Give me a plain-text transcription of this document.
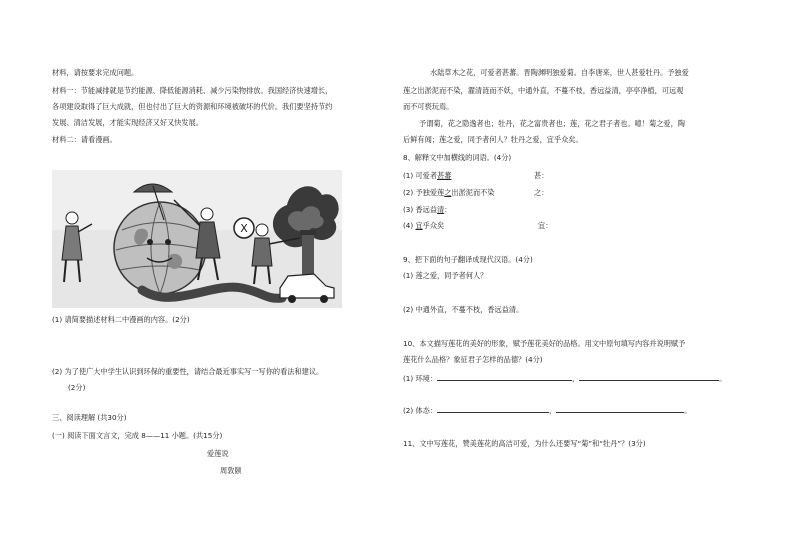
材料，请按要求完成问题。
材料一：节能减排就是节约能源、降低能源消耗、减少污染物排放。我国经济快速增长，
各项建设取得了巨大成就，但也付出了巨大的资源和环境被破坏的代价。我们要坚持节约
发展、清洁发展，才能实现经济又好又快发展。
材料二：请看漫画。
X
(1) 请简要描述材料二中漫画的内容。(2分)
(2) 为了使广大中学生认识到环保的重要性，请结合最近事实写一写你的看法和建议。
(2分)
三、阅读理解 (共30分)
(一) 阅读下面文言文，完成 8——11 小题。(共15分)
爱莲说
周敦颐
水陆草木之花，可爱者甚蕃。晋陶渊明独爱菊。自李唐来，世人甚爱牡丹。予独爱
莲之出淤泥而不染，濯清涟而不妖，中通外直，不蔓不枝，香远益清，亭亭净植，可远观
而不可亵玩焉。
予谓菊，花之隐逸者也；牡丹，花之富贵者也；莲，花之君子者也。噫！菊之爱，陶
后鲜有闻；莲之爱，同予者何人？牡丹之爱，宜乎众矣。
8、解释文中加横线的词语。(4分)
(1) 可爱者甚蕃	甚：
(2) 予独爱莲之出淤泥而不染	之：
(3) 香远益清：
(4) 宜乎众矣	宜：
9、把下面的句子翻译成现代汉语。(4分)
(1) 莲之爱，同予者何人？
(2) 中通外直，不蔓不枝，香远益清。
10、本文描写莲花的美好的形象，赋予莲花美好的品格。用文中原句填写内容并说明赋予
莲花什么品格？象征君子怎样的品德？(4分)
(1) 环境：	，	。
(2) 体态：	，	。
11、文中写莲花，赞美莲花的高洁可爱，为什么还要写“菊”和“牡丹”？(3分)
